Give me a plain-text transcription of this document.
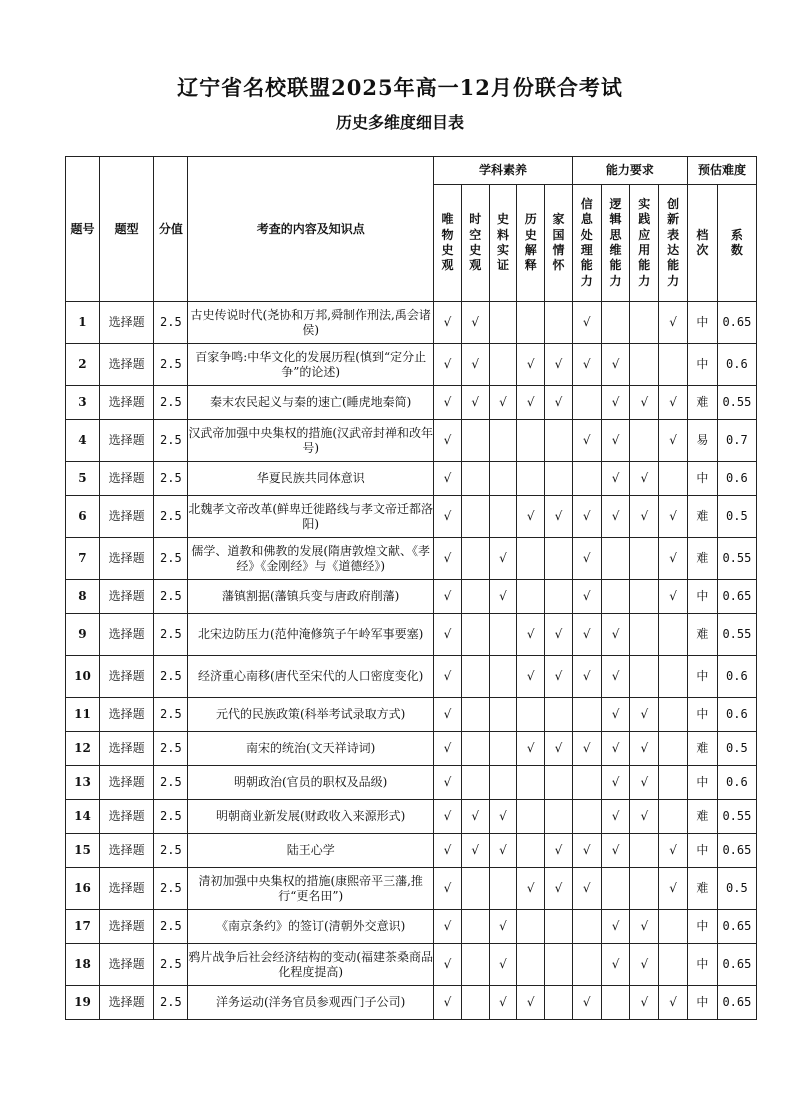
辽宁省名校联盟2025年高一12月份联合考试
历史多维度细目表
题号	题型	分值	考查的内容及知识点	学科素养					能力要求				预估难度	
				唯物史观	时空史观	史料实证	历史解释	家国情怀	信息处理能力	逻辑思维能力	实践应用能力	创新表达能力	档次	系数
1	选择题	2.5	古史传说时代(尧协和万邦,舜制作刑法,禹会诸侯)	√	√				√			√	中	0.65
2	选择题	2.5	百家争鸣:中华文化的发展历程(慎到“定分止争”的论述)	√	√		√	√	√	√			中	0.6
3	选择题	2.5	秦末农民起义与秦的速亡(睡虎地秦简)	√	√	√	√	√		√	√	√	难	0.55
4	选择题	2.5	汉武帝加强中央集权的措施(汉武帝封禅和改年号)	√					√	√		√	易	0.7
5	选择题	2.5	华夏民族共同体意识	√						√	√		中	0.6
6	选择题	2.5	北魏孝文帝改革(鲜卑迁徙路线与孝文帝迁都洛阳)	√			√	√	√	√	√	√	难	0.5
7	选择题	2.5	儒学、道教和佛教的发展(隋唐敦煌文献、《孝经》《金刚经》与《道德经》)	√		√			√			√	难	0.55
8	选择题	2.5	藩镇割据(藩镇兵变与唐政府削藩)	√		√			√			√	中	0.65
9	选择题	2.5	北宋边防压力(范仲淹修筑子午岭军事要塞)	√			√	√	√	√			难	0.55
10	选择题	2.5	经济重心南移(唐代至宋代的人口密度变化)	√			√	√	√	√			中	0.6
11	选择题	2.5	元代的民族政策(科举考试录取方式)	√						√	√		中	0.6
12	选择题	2.5	南宋的统治(文天祥诗词)	√			√	√	√	√	√		难	0.5
13	选择题	2.5	明朝政治(官员的职权及品级)	√						√	√		中	0.6
14	选择题	2.5	明朝商业新发展(财政收入来源形式)	√	√	√				√	√		难	0.55
15	选择题	2.5	陆王心学	√	√	√		√	√	√		√	中	0.65
16	选择题	2.5	清初加强中央集权的措施(康熙帝平三藩,推行“更名田”)	√			√	√	√			√	难	0.5
17	选择题	2.5	《南京条约》的签订(清朝外交意识)	√		√				√	√		中	0.65
18	选择题	2.5	鸦片战争后社会经济结构的变动(福建茶桑商品化程度提高)	√		√				√	√		中	0.65
19	选择题	2.5	洋务运动(洋务官员参观西门子公司)	√		√	√		√		√	√	中	0.65
